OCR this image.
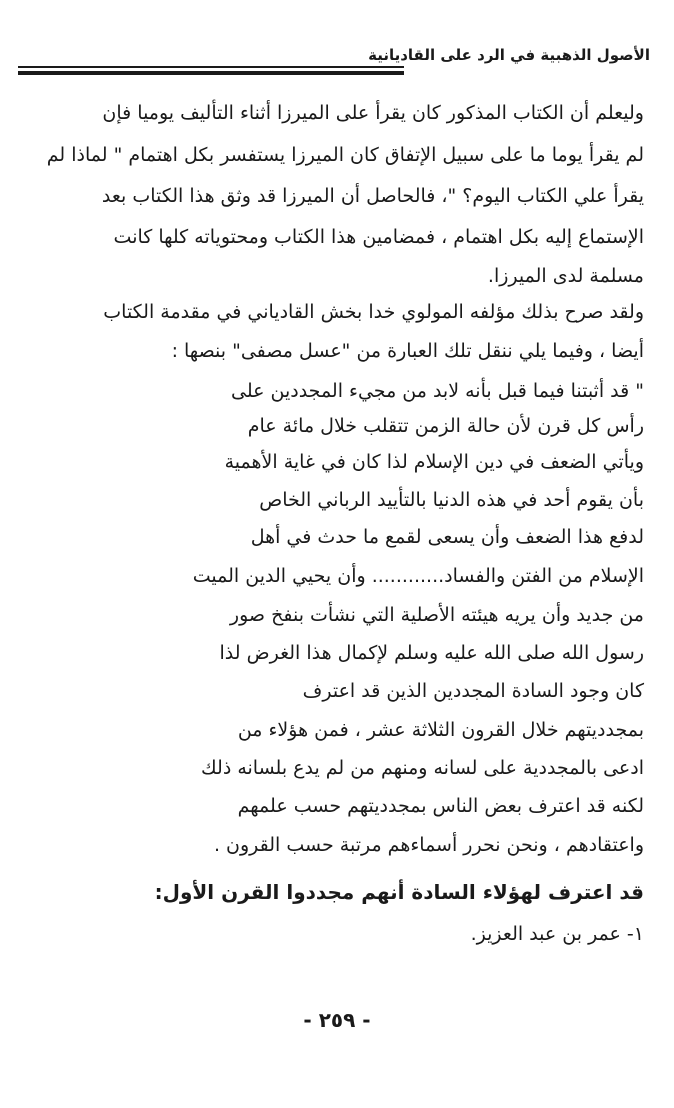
الأصول الذهبية في الرد على القاديانية
وليعلم أن الكتاب المذكور كان يقرأ على الميرزا أثناء التأليف يوميا فإن
لم يقرأ يوما ما على سبيل الإتفاق كان الميرزا يستفسر بكل اهتمام " لماذا لم
يقرأ علي الكتاب اليوم؟ "، فالحاصل أن الميرزا قد وثق هذا الكتاب بعد
الإستماع إليه بكل اهتمام ، فمضامين هذا الكتاب ومحتوياته كلها كانت
مسلمة لدى الميرزا.
ولقد صرح بذلك مؤلفه المولوي خدا بخش القادياني في مقدمة الكتاب
أيضا ، وفيما يلي ننقل تلك العبارة من "عسل مصفى" بنصها :
" قد أثبتنا فيما قبل بأنه لابد من مجيء المجددين على
رأس كل قرن لأن حالة الزمن تتقلب خلال مائة عام
ويأتي الضعف في دين الإسلام لذا كان في غاية الأهمية
بأن يقوم أحد في هذه الدنيا بالتأييد الرباني الخاص
لدفع هذا الضعف وأن يسعى لقمع ما حدث في أهل
الإسلام من الفتن والفساد............ وأن يحيي الدين الميت
من جديد وأن يريه هيئته الأصلية التي نشأت بنفخ صور
رسول الله صلى الله عليه وسلم لإكمال هذا الغرض لذا
كان وجود السادة المجددين الذين قد اعترف
بمجدديتهم خلال القرون الثلاثة عشر ، فمن هؤلاء من
ادعى بالمجددية على لسانه ومنهم من لم يدع بلسانه ذلك
لكنه قد اعترف بعض الناس بمجدديتهم حسب علمهم
واعتقادهم ، ونحن نحرر أسماءهم مرتبة حسب القرون .
قد اعترف لهؤلاء السادة أنهم مجددوا القرن الأول:
١- عمر بن عبد العزيز.
- ٢٥٩ -
